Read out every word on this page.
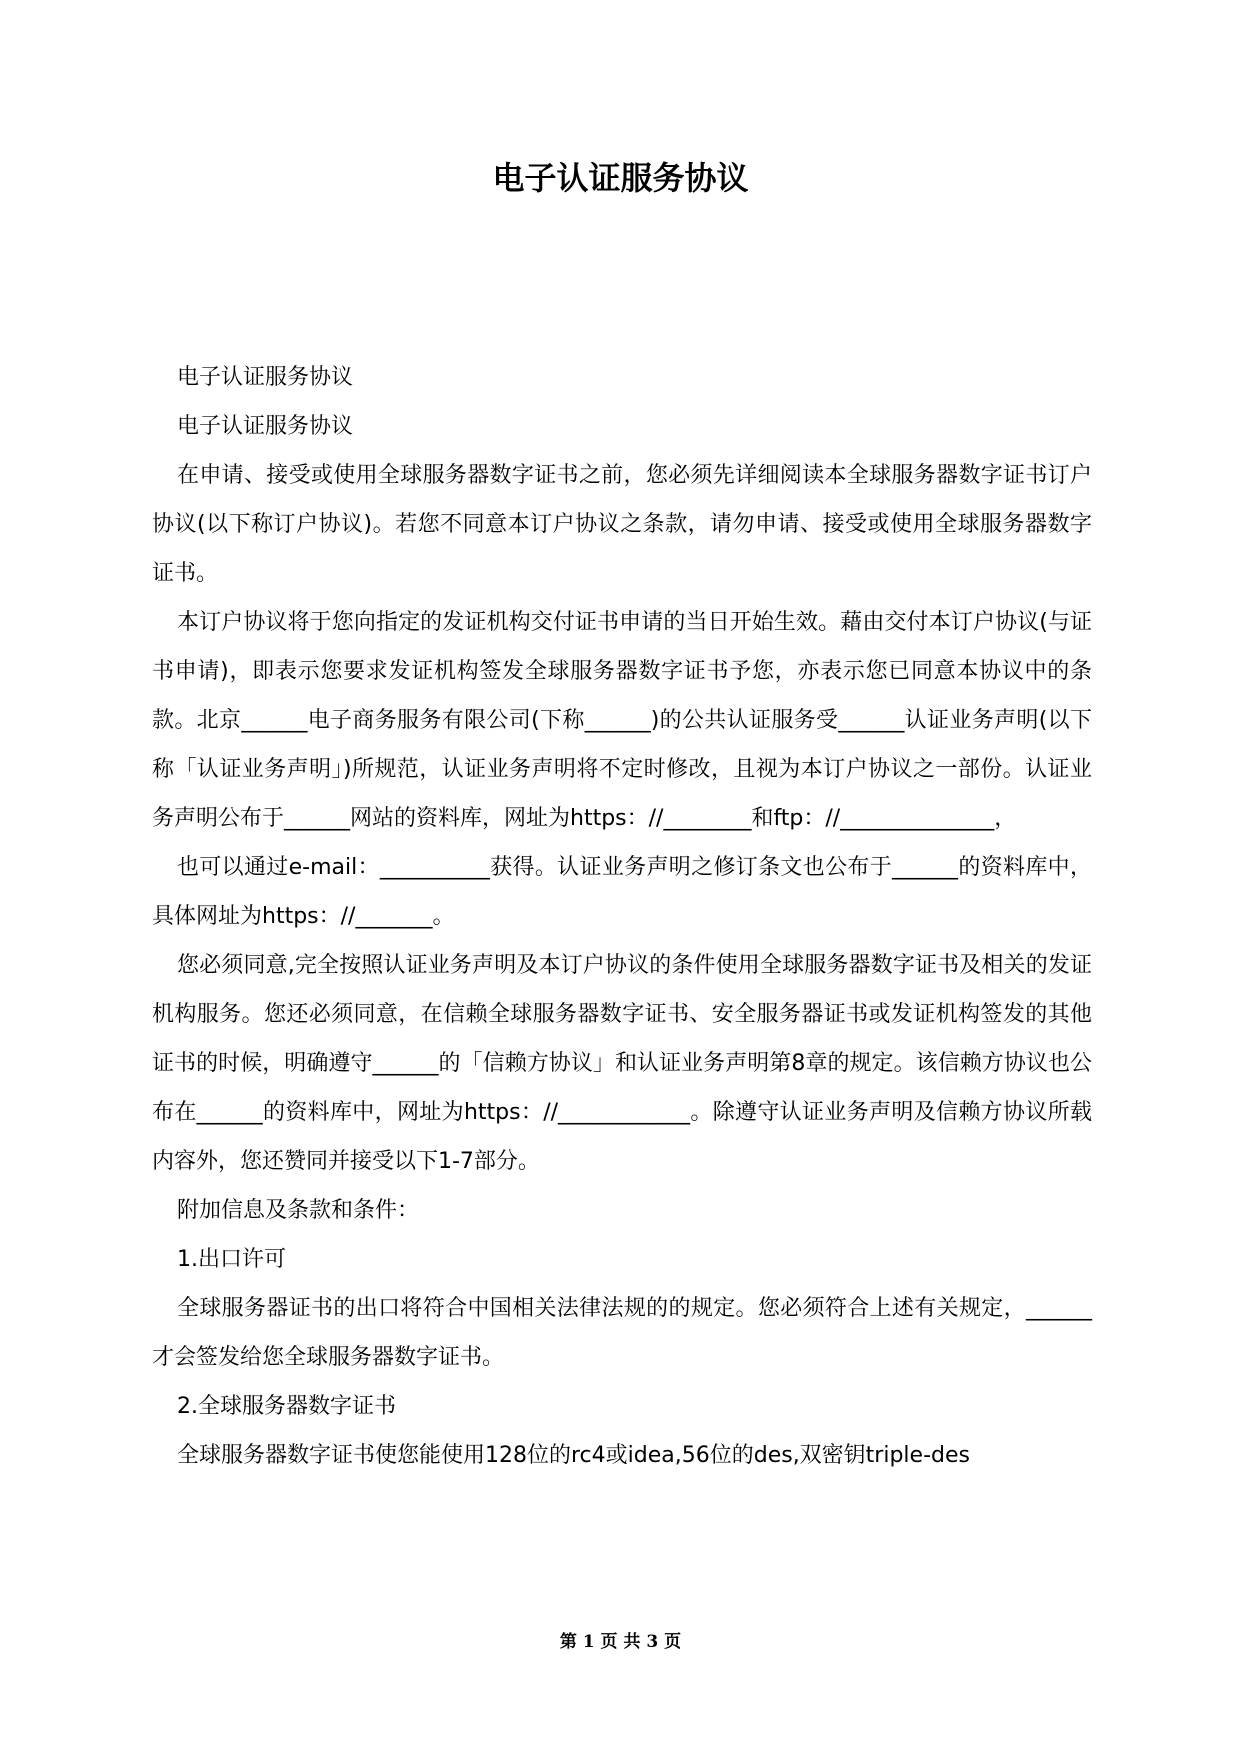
电子认证服务协议

电子认证服务协议

电子认证服务协议

在申请、接受或使用全球服务器数字证书之前，您必须先详细阅读本全球服务器数字证书订户协议(以下称订户协议)。若您不同意本订户协议之条款，请勿申请、接受或使用全球服务器数字证书。

本订户协议将于您向指定的发证机构交付证书申请的当日开始生效。藉由交付本订户协议(与证书申请)，即表示您要求发证机构签发全球服务器数字证书予您，亦表示您已同意本协议中的条款。北京______电子商务服务有限公司(下称______)的公共认证服务受______认证业务声明(以下称「认证业务声明」)所规范，认证业务声明将不定时修改，且视为本订户协议之一部份。认证业务声明公布于______网站的资料库，网址为https：//________和ftp：//______________，

也可以通过e-mail：__________获得。认证业务声明之修订条文也公布于______的资料库中，具体网址为https：//_______。

您必须同意,完全按照认证业务声明及本订户协议的条件使用全球服务器数字证书及相关的发证机构服务。您还必须同意，在信赖全球服务器数字证书、安全服务器证书或发证机构签发的其他证书的时候，明确遵守______的「信赖方协议」和认证业务声明第8章的规定。该信赖方协议也公布在______的资料库中，网址为https：//____________。除遵守认证业务声明及信赖方协议所载内容外，您还赞同并接受以下1-7部分。

附加信息及条款和条件：

1.出口许可

全球服务器证书的出口将符合中国相关法律法规的的规定。您必须符合上述有关规定，______才会签发给您全球服务器数字证书。

2.全球服务器数字证书

全球服务器数字证书使您能使用128位的rc4或idea,56位的des,双密钥triple-des

第 1 页 共 3 页
